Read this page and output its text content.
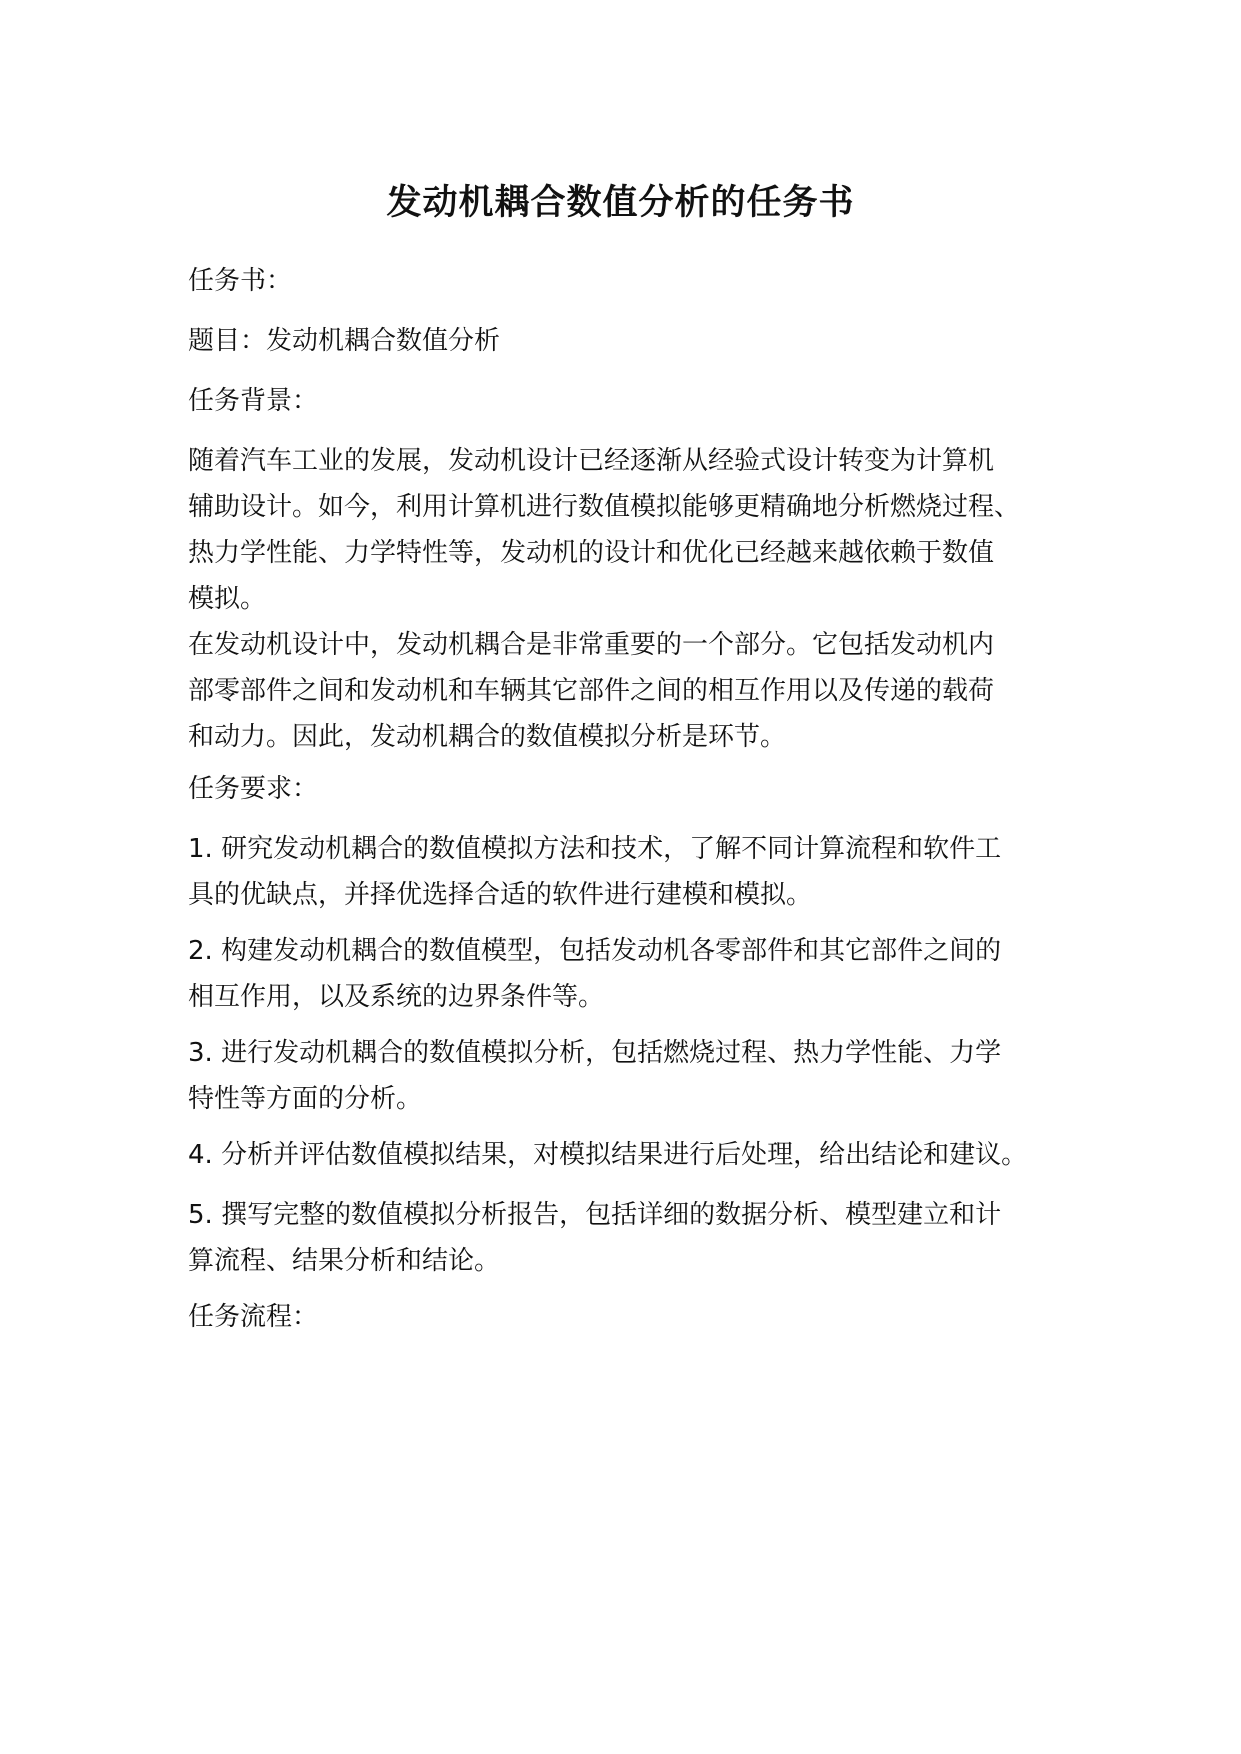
发动机耦合数值分析的任务书

任务书：

题目：发动机耦合数值分析

任务背景：

随着汽车工业的发展，发动机设计已经逐渐从经验式设计转变为计算机
辅助设计。如今，利用计算机进行数值模拟能够更精确地分析燃烧过程、
热力学性能、力学特性等，发动机的设计和优化已经越来越依赖于数值
模拟。

在发动机设计中，发动机耦合是非常重要的一个部分。它包括发动机内
部零部件之间和发动机和车辆其它部件之间的相互作用以及传递的载荷
和动力。因此，发动机耦合的数值模拟分析是环节。

任务要求：

1. 研究发动机耦合的数值模拟方法和技术，了解不同计算流程和软件工
具的优缺点，并择优选择合适的软件进行建模和模拟。

2. 构建发动机耦合的数值模型，包括发动机各零部件和其它部件之间的
相互作用，以及系统的边界条件等。

3. 进行发动机耦合的数值模拟分析，包括燃烧过程、热力学性能、力学
特性等方面的分析。

4. 分析并评估数值模拟结果，对模拟结果进行后处理，给出结论和建议。

5. 撰写完整的数值模拟分析报告，包括详细的数据分析、模型建立和计
算流程、结果分析和结论。

任务流程：
